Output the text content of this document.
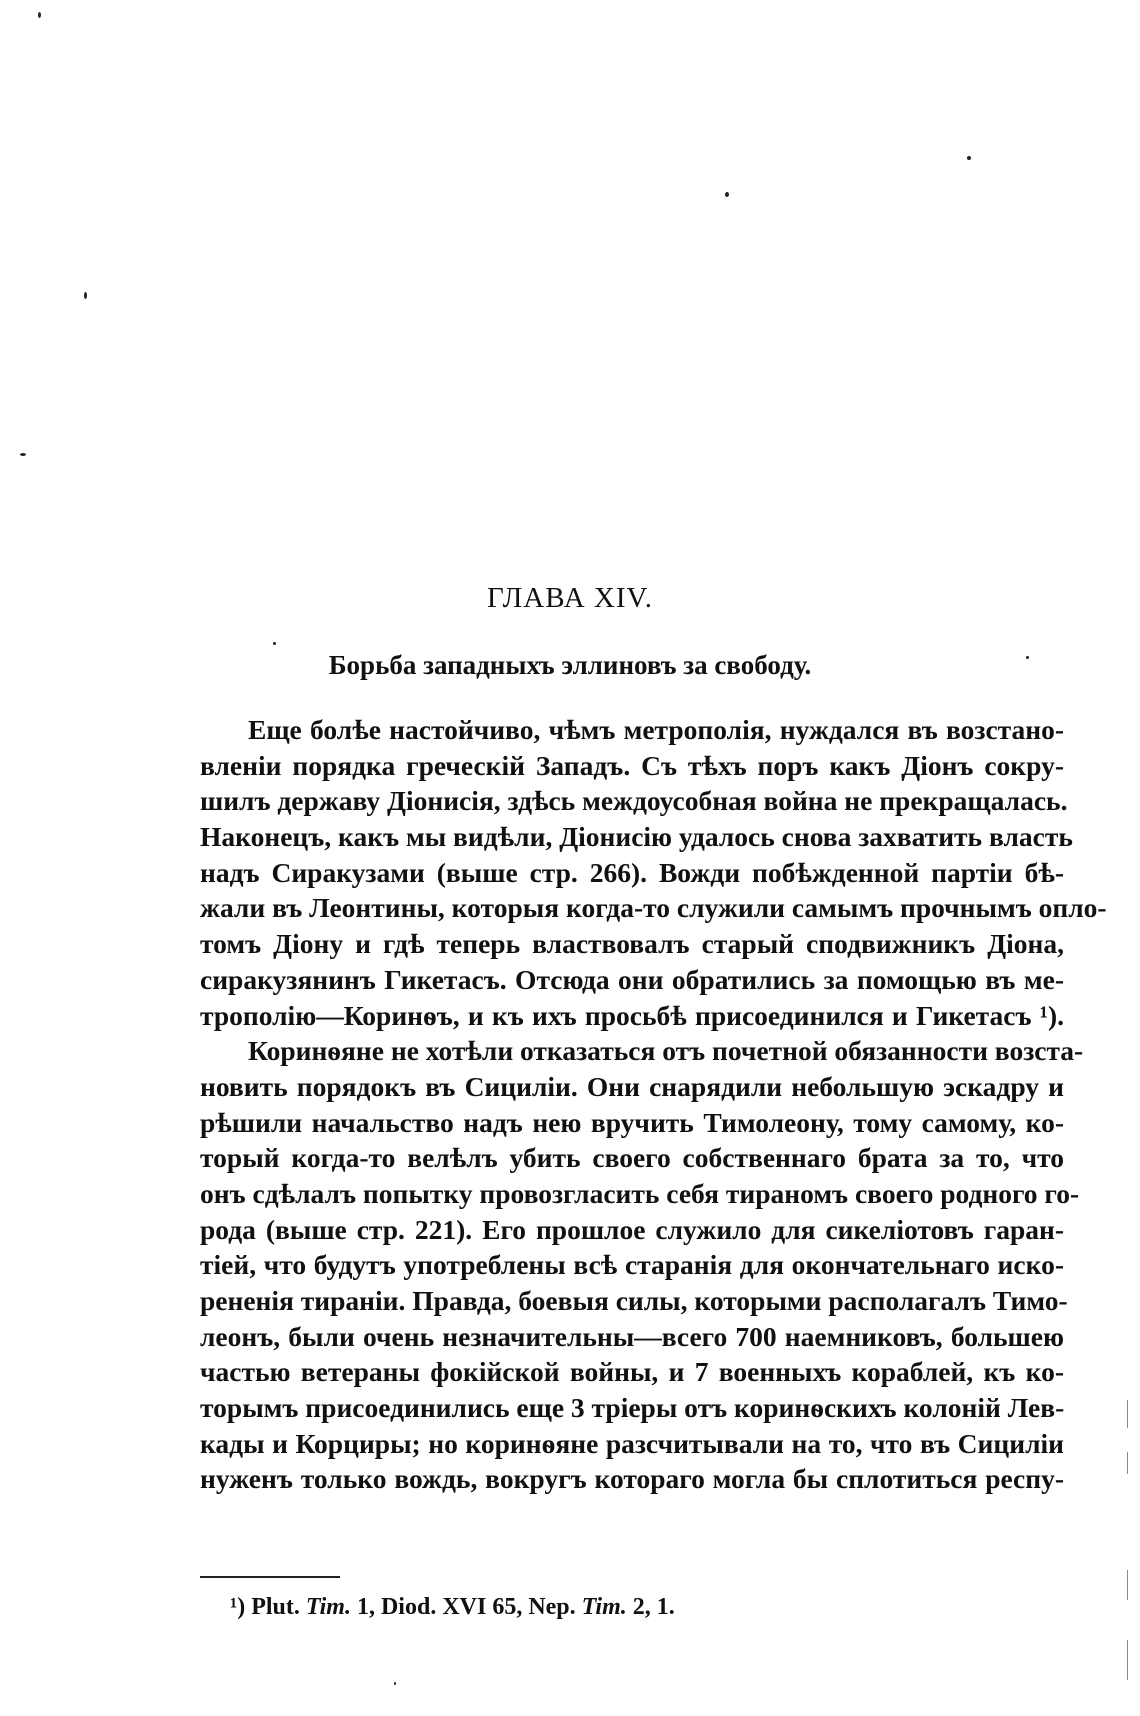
ГЛАВА XIV.
Борьба западныхъ эллиновъ за свободу.
Еще болѣе настойчиво, чѣмъ метрополія, нуждался въ возстано-
вленіи порядка греческій Западъ. Съ тѣхъ поръ какъ Діонъ сокру-
шилъ державу Діонисія, здѣсь междоусобная война не прекращалась.
Наконецъ, какъ мы видѣли, Діонисію удалось снова захватить власть
надъ Сиракузами (выше стр. 266). Вожди побѣжденной партіи бѣ-
жали въ Леонтины, которыя когда-то служили самымъ прочнымъ опло-
томъ Діону и гдѣ теперь властвовалъ старый сподвижникъ Діона,
сиракузянинъ Гикетасъ. Отсюда они обратились за помощью въ ме-
трополію—Коринѳъ, и къ ихъ просьбѣ присоединился и Гикетасъ ¹).
Коринѳяне не хотѣли отказаться отъ почетной обязанности возста-
новить порядокъ въ Сициліи. Они снарядили небольшую эскадру и
рѣшили начальство надъ нею вручить Тимолеону, тому самому, ко-
торый когда-то велѣлъ убить своего собственнаго брата за то, что
онъ сдѣлалъ попытку провозгласить себя тираномъ своего родного го-
рода (выше стр. 221). Его прошлое служило для сикеліотовъ гаран-
тіей, что будутъ употреблены всѣ старанія для окончательнаго иско-
рененія тираніи. Правда, боевыя силы, которыми располагалъ Тимо-
леонъ, были очень незначительны—всего 700 наемниковъ, большею
частью ветераны фокійской войны, и 7 военныхъ кораблей, къ ко-
торымъ присоединились еще 3 тріеры отъ коринѳскихъ колоній Лев-
кады и Корциры; но коринѳяне разсчитывали на то, что въ Сициліи
нуженъ только вождь, вокругъ котораго могла бы сплотиться респу-
¹) Plut. Tim. 1, Diod. XVI 65, Nep. Tim. 2, 1.
